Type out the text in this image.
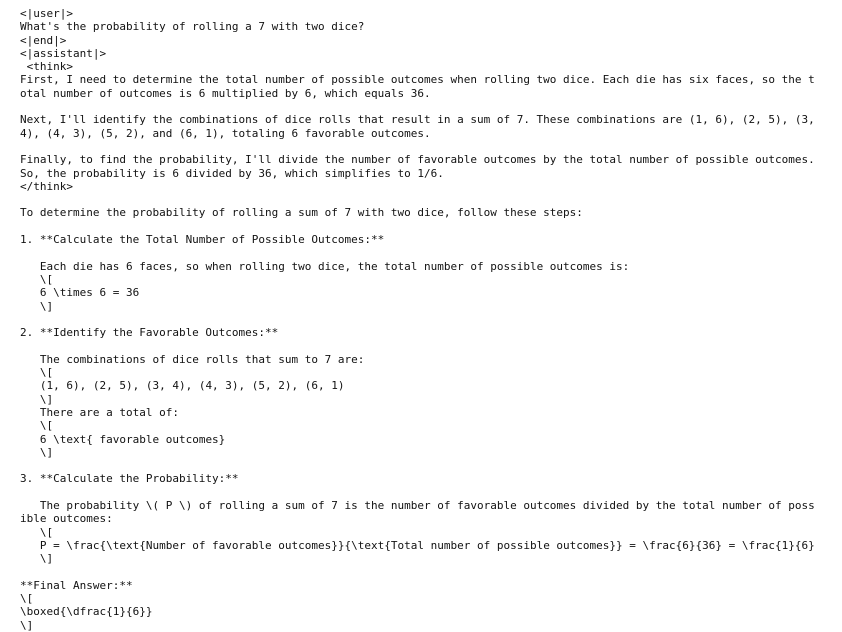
<|user|>
What's the probability of rolling a 7 with two dice?
<|end|>
<|assistant|>
<think>
First, I need to determine the total number of possible outcomes when rolling two dice. Each die has six faces, so the total number of outcomes is 6 multiplied by 6, which equals 36.
Next, I'll identify the combinations of dice rolls that result in a sum of 7. These combinations are (1, 6), (2, 5), (3, 4), (4, 3), (5, 2), and (6, 1), totaling 6 favorable outcomes.
Finally, to find the probability, I'll divide the number of favorable outcomes by the total number of possible outcomes. So, the probability is 6 divided by 36, which simplifies to 1/6.
</think>
To determine the probability of rolling a sum of 7 with two dice, follow these steps:
1. **Calculate the Total Number of Possible Outcomes:**
Each die has 6 faces, so when rolling two dice, the total number of possible outcomes is:
\[
6 \times 6 = 36
\]
2. **Identify the Favorable Outcomes:**
The combinations of dice rolls that sum to 7 are:
\[
(1, 6), (2, 5), (3, 4), (4, 3), (5, 2), (6, 1)
\]
There are a total of:
\[
6 \text{ favorable outcomes}
\]
3. **Calculate the Probability:**
The probability \( P \) of rolling a sum of 7 is the number of favorable outcomes divided by the total number of possible outcomes:
\[
P = \frac{\text{Number of favorable outcomes}}{\text{Total number of possible outcomes}} = \frac{6}{36} = \frac{1}{6}
\]
**Final Answer:**
\[
\boxed{\dfrac{1}{6}}
\]
